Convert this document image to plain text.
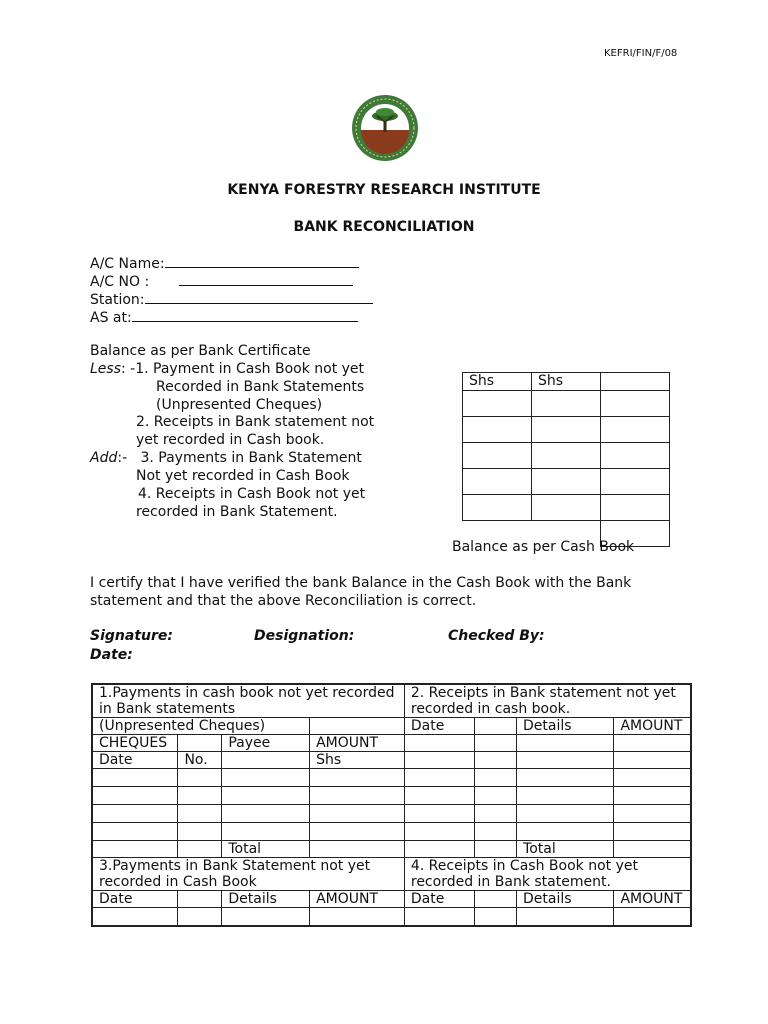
KEFRI/FIN/F/08
KENYA FORESTRY RESEARCH INSTITUTE
BANK RECONCILIATION
A/C Name:
A/C NO :
Station:
AS at:
Balance as per Bank Certificate
Less: -1. Payment in Cash Book not yet
Recorded in Bank Statements
(Unpresented Cheques)
2. Receipts in Bank statement not
yet recorded in Cash book.
Add:-   3. Payments in Bank Statement
Not yet recorded in Cash Book
4. Receipts in Cash Book not yet
recorded in Bank Statement.
Shs	Shs	

Balance as per Cash Book
I certify that I have verified the bank Balance in the Cash Book with the Bank
statement and that the above Reconciliation is correct.
Signature:	Designation:	Checked By:
Date:
1.Payments in cash book not yet recorded
in Bank statements				2. Receipts in Bank statement not yet
recorded in cash book.			
(Unpresented Cheques)				Date		Details	AMOUNT
CHEQUES		Payee	AMOUNT				
Date	No.		Shs				

		Total				Total	
3.Payments in Bank Statement not yet
recorded in Cash Book				4. Receipts in Cash Book not yet
recorded in Bank statement.			
Date		Details	AMOUNT	Date		Details	AMOUNT
